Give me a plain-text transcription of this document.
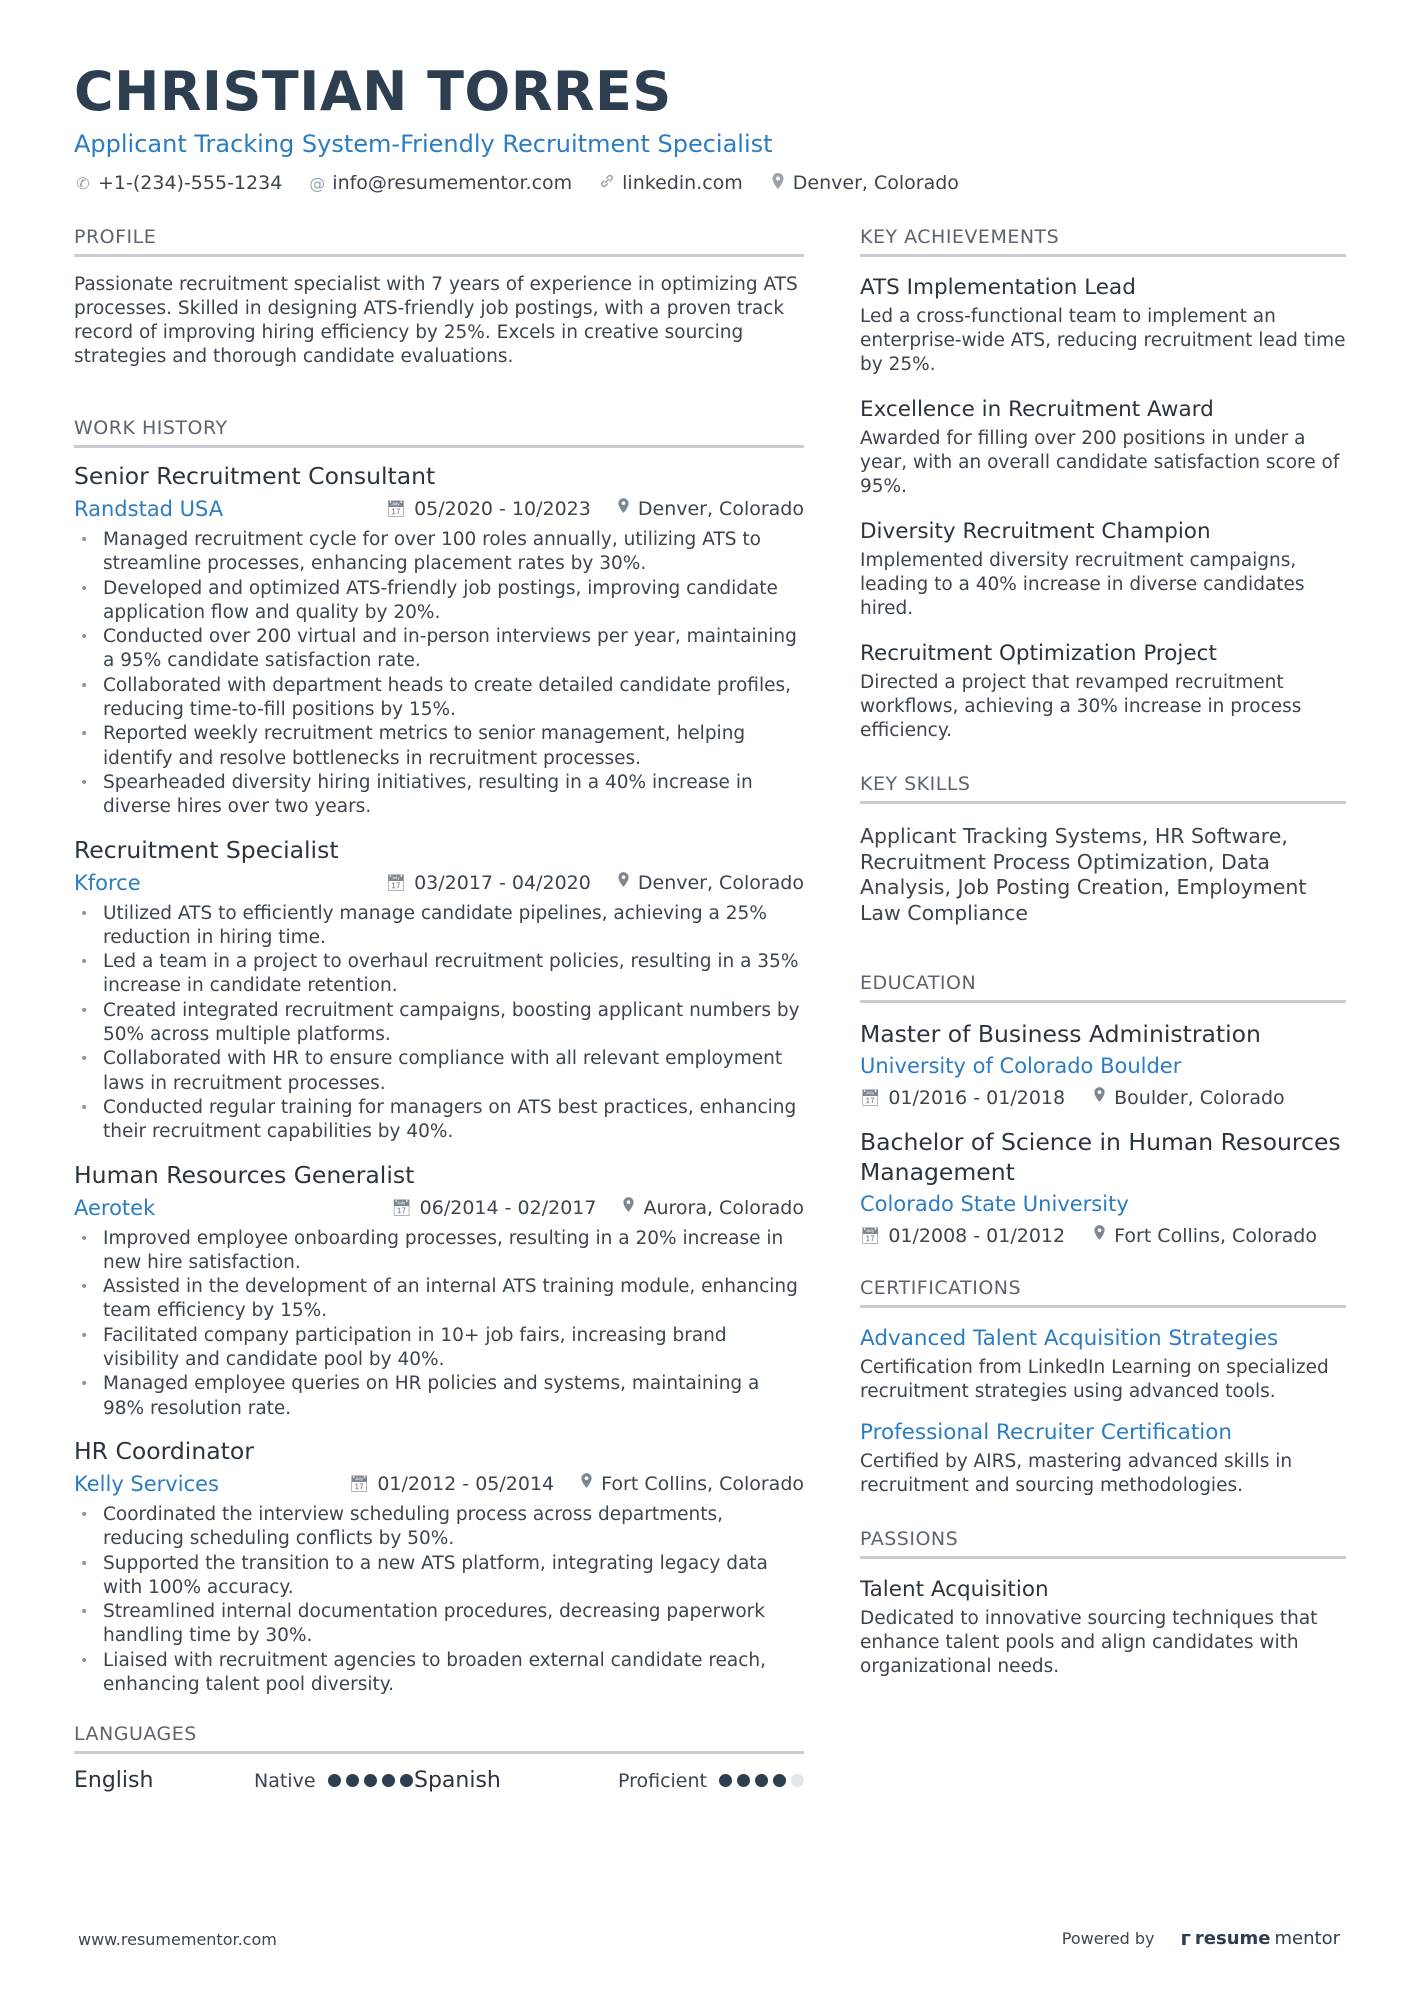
CHRISTIAN TORRES
Applicant Tracking System-Friendly Recruitment Specialist
✆ +1-(234)-555-1234 @ info@resumementor.com	linkedin.com	Denver, Colorado
PROFILE
Passionate recruitment specialist with 7 years of experience in optimizing ATS processes. Skilled in designing ATS-friendly job postings, with a proven track record of improving hiring efficiency by 25%. Excels in creative sourcing strategies and thorough candidate evaluations.
WORK HISTORY
Senior Recruitment Consultant
Randstad USA	📅︎ 05/2020 - 10/2023 Denver, Colorado
• Managed recruitment cycle for over 100 roles annually, utilizing ATS to streamline processes, enhancing placement rates by 30%.
• Developed and optimized ATS-friendly job postings, improving candidate application flow and quality by 20%.
• Conducted over 200 virtual and in-person interviews per year, maintaining a 95% candidate satisfaction rate.
• Collaborated with department heads to create detailed candidate profiles, reducing time-to-fill positions by 15%.
• Reported weekly recruitment metrics to senior management, helping identify and resolve bottlenecks in recruitment processes.
• Spearheaded diversity hiring initiatives, resulting in a 40% increase in diverse hires over two years.
Recruitment Specialist
Kforce	📅︎ 03/2017 - 04/2020 Denver, Colorado
• Utilized ATS to efficiently manage candidate pipelines, achieving a 25% reduction in hiring time.
• Led a team in a project to overhaul recruitment policies, resulting in a 35% increase in candidate retention.
• Created integrated recruitment campaigns, boosting applicant numbers by 50% across multiple platforms.
• Collaborated with HR to ensure compliance with all relevant employment laws in recruitment processes.
• Conducted regular training for managers on ATS best practices, enhancing their recruitment capabilities by 40%.
Human Resources Generalist
Aerotek	📅︎ 06/2014 - 02/2017 Aurora, Colorado
• Improved employee onboarding processes, resulting in a 20% increase in new hire satisfaction.
• Assisted in the development of an internal ATS training module, enhancing team efficiency by 15%.
• Facilitated company participation in 10+ job fairs, increasing brand visibility and candidate pool by 40%.
• Managed employee queries on HR policies and systems, maintaining a 98% resolution rate.
HR Coordinator
Kelly Services	📅︎ 01/2012 - 05/2014 Fort Collins, Colorado
• Coordinated the interview scheduling process across departments, reducing scheduling conflicts by 50%.
• Supported the transition to a new ATS platform, integrating legacy data with 100% accuracy.
• Streamlined internal documentation procedures, decreasing paperwork handling time by 30%.
• Liaised with recruitment agencies to broaden external candidate reach, enhancing talent pool diversity.
LANGUAGES
English	Native	Spanish	Proficient
KEY ACHIEVEMENTS
ATS Implementation Lead
Led a cross-functional team to implement an enterprise-wide ATS, reducing recruitment lead time by 25%.
Excellence in Recruitment Award
Awarded for filling over 200 positions in under a year, with an overall candidate satisfaction score of 95%.
Diversity Recruitment Champion
Implemented diversity recruitment campaigns, leading to a 40% increase in diverse candidates hired.
Recruitment Optimization Project
Directed a project that revamped recruitment workflows, achieving a 30% increase in process efficiency.
KEY SKILLS
Applicant Tracking Systems, HR Software, Recruitment Process Optimization, Data Analysis, Job Posting Creation, Employment Law Compliance
EDUCATION
Master of Business Administration
University of Colorado Boulder
📅︎ 01/2016 - 01/2018	Boulder, Colorado
Bachelor of Science in Human Resources Management
Colorado State University
📅︎ 01/2008 - 01/2012	Fort Collins, Colorado
CERTIFICATIONS
Advanced Talent Acquisition Strategies
Certification from LinkedIn Learning on specialized recruitment strategies using advanced tools.
Professional Recruiter Certification
Certified by AIRS, mastering advanced skills in recruitment and sourcing methodologies.
PASSIONS
Talent Acquisition
Dedicated to innovative sourcing techniques that enhance talent pools and align candidates with organizational needs.
www.resumementor.com	Powered by г resume mentor
